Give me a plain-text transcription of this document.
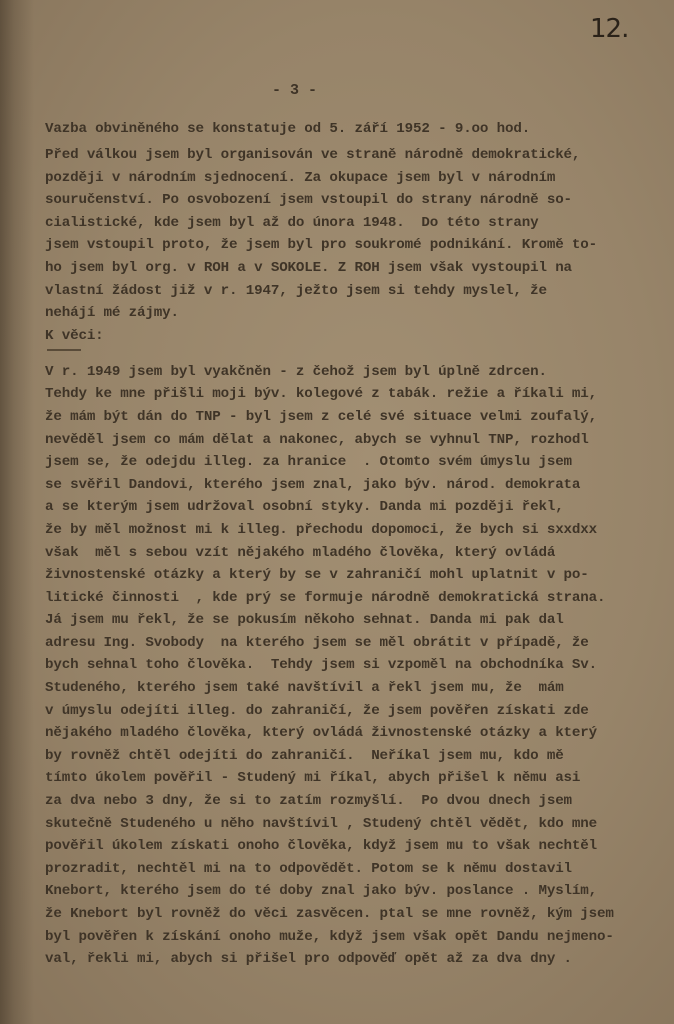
12.
- 3 -
Vazba obviněného se konstatuje od 5. září 1952 - 9.oo hod.
Před válkou jsem byl organisován ve straně národně demokratické,
později v národním sjednocení. Za okupace jsem byl v národním
souručenství. Po osvobození jsem vstoupil do strany národně so-
cialistické, kde jsem byl až do února 1948.  Do této strany
jsem vstoupil proto, že jsem byl pro soukromé podnikání. Kromě to-
ho jsem byl org. v ROH a v SOKOLE. Z ROH jsem však vystoupil na
vlastní žádost již v r. 1947, ježto jsem si tehdy myslel, že
nehájí mé zájmy.
K věci:
V r. 1949 jsem byl vyakčněn - z čehož jsem byl úplně zdrcen.
Tehdy ke mne přišli moji býv. kolegové z tabák. režie a říkali mi,
že mám být dán do TNP - byl jsem z celé své situace velmi zoufalý,
nevěděl jsem co mám dělat a nakonec, abych se vyhnul TNP, rozhodl
jsem se, že odejdu illeg. za hranice  . Otomto svém úmyslu jsem
se svěřil Dandovi, kterého jsem znal, jako býv. národ. demokrata
a se kterým jsem udržoval osobní styky. Danda mi později řekl,
že by měl možnost mi k illeg. přechodu dopomoci, že bych si sxxdxx
však  měl s sebou vzít nějakého mladého člověka, který ovládá
živnostenské otázky a který by se v zahraničí mohl uplatnit v po-
litické činnosti  , kde prý se formuje národně demokratická strana.
Já jsem mu řekl, že se pokusím někoho sehnat. Danda mi pak dal
adresu Ing. Svobody  na kterého jsem se měl obrátit v případě, že
bych sehnal toho člověka.  Tehdy jsem si vzpoměl na obchodníka Sv.
Studeného, kterého jsem také navštívil a řekl jsem mu, že  mám
v úmyslu odejíti illeg. do zahraničí, že jsem pověřen získati zde
nějakého mladého člověka, který ovládá živnostenské otázky a který
by rovněž chtěl odejíti do zahraničí.  Neříkal jsem mu, kdo mě
tímto úkolem pověřil - Studený mi říkal, abych přišel k němu asi
za dva nebo 3 dny, že si to zatím rozmyšlí.  Po dvou dnech jsem
skutečně Studeného u něho navštívil , Studený chtěl vědět, kdo mne
pověřil úkolem získati onoho člověka, když jsem mu to však nechtěl
prozradit, nechtěl mi na to odpovědět. Potom se k němu dostavil
Knebort, kterého jsem do té doby znal jako býv. poslance . Myslím,
že Knebort byl rovněž do věci zasvěcen. ptal se mne rovněž, kým jsem
byl pověřen k získání onoho muže, když jsem však opět Dandu nejmeno-
val, řekli mi, abych si přišel pro odpověď opět až za dva dny .
